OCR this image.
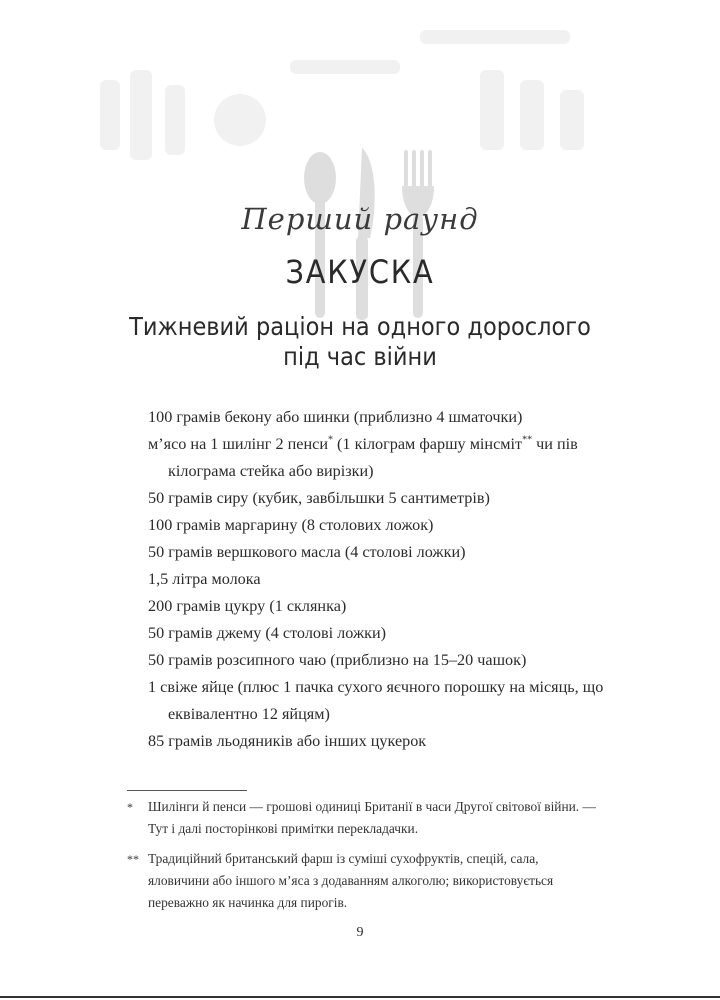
Перший раунд
ЗАКУСКА
Тижневий раціон на одного дорослого
під час війни
100 грамів бекону або шинки (приблизно 4 шматочки)
м’ясо на 1 шилінг 2 пенси* (1 кілограм фаршу мінсміт** чи пів кілограма стейка або вирізки)
50 грамів сиру (кубик, завбільшки 5 сантиметрів)
100 грамів маргарину (8 столових ложок)
50 грамів вершкового масла (4 столові ложки)
1,5 літра молока
200 грамів цукру (1 склянка)
50 грамів джему (4 столові ложки)
50 грамів розсипного чаю (приблизно на 15–20 чашок)
1 свіже яйце (плюс 1 пачка сухого яєчного порошку на місяць, що еквівалентно 12 яйцям)
85 грамів льодяників або інших цукерок
* Шилінги й пенси — грошові одиниці Британії в часи Другої світової війни. — Тут і далі посторінкові примітки перекладачки.
** Традиційний британський фарш із суміші сухофруктів, спецій, сала, яловичини або іншого м’яса з додаванням алкоголю; використовується переважно як начинка для пирогів.
9
